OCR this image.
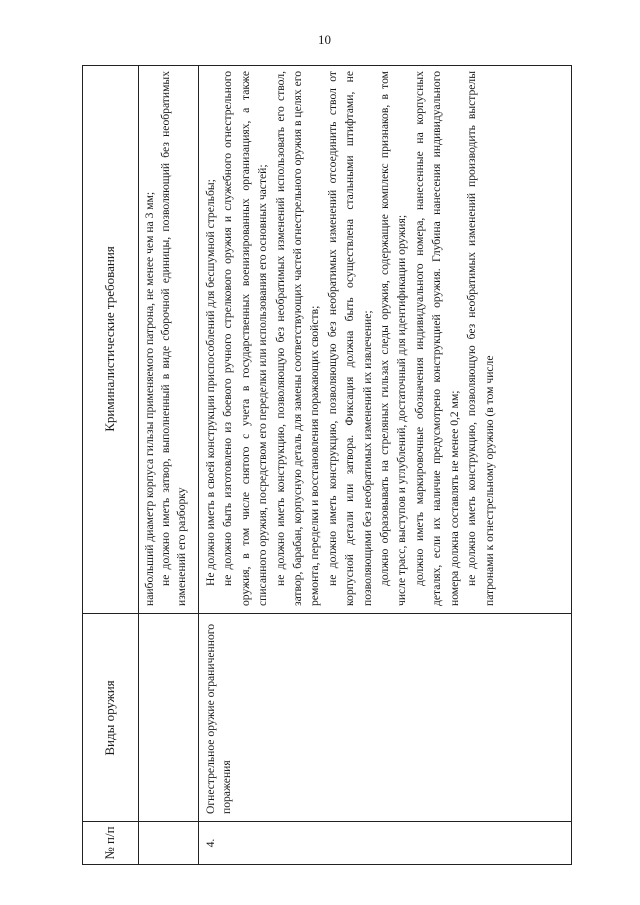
10
№ п/п
Виды оружия
Криминалистические требования	наибольший диаметр корпуса гильзы применяемого патрона, не менее чем на 3 мм; не должно иметь затвор, выполненный в виде сборочной единицы, позволяющий без необратимых изменений его разборку
4.
Огнестрельное оружие ограниченного поражения

Не должно иметь в своей конструкции приспособлений для бесшумной стрельбы; не должно быть изготовлено из боевого ручного стрелкового оружия и служебного огнестрельного оружия, в том числе снятого с учета в государственных военизированных организациях, а также списанного оружия, посредством его переделки или использования его основных частей; не должно иметь конструкцию, позволяющую без необратимых изменений использовать его ствол, затвор, барабан, корпусную деталь для замены соответствующих частей огнестрельного оружия в целях его ремонта, переделки и восстановления поражающих свойств; не должно иметь конструкцию, позволяющую без необратимых изменений отсоединить ствол от корпусной детали или затвора. Фиксация должна быть осуществлена стальными штифтами, не позволяющими без необратимых изменений их извлечение; должно образовывать на стреляных гильзах следы оружия, содержащие комплекс признаков, в том числе трасс, выступов и углублений, достаточный для идентификации оружия; должно иметь маркировочные обозначения индивидуального номера, нанесенные на корпусных деталях, если их наличие предусмотрено конструкцией оружия. Глубина нанесения индивидуального номера должна составлять не менее 0,2 мм; не должно иметь конструкцию, позволяющую без необратимых изменений производить выстрелы патронами к огнестрельному оружию (в том числе
